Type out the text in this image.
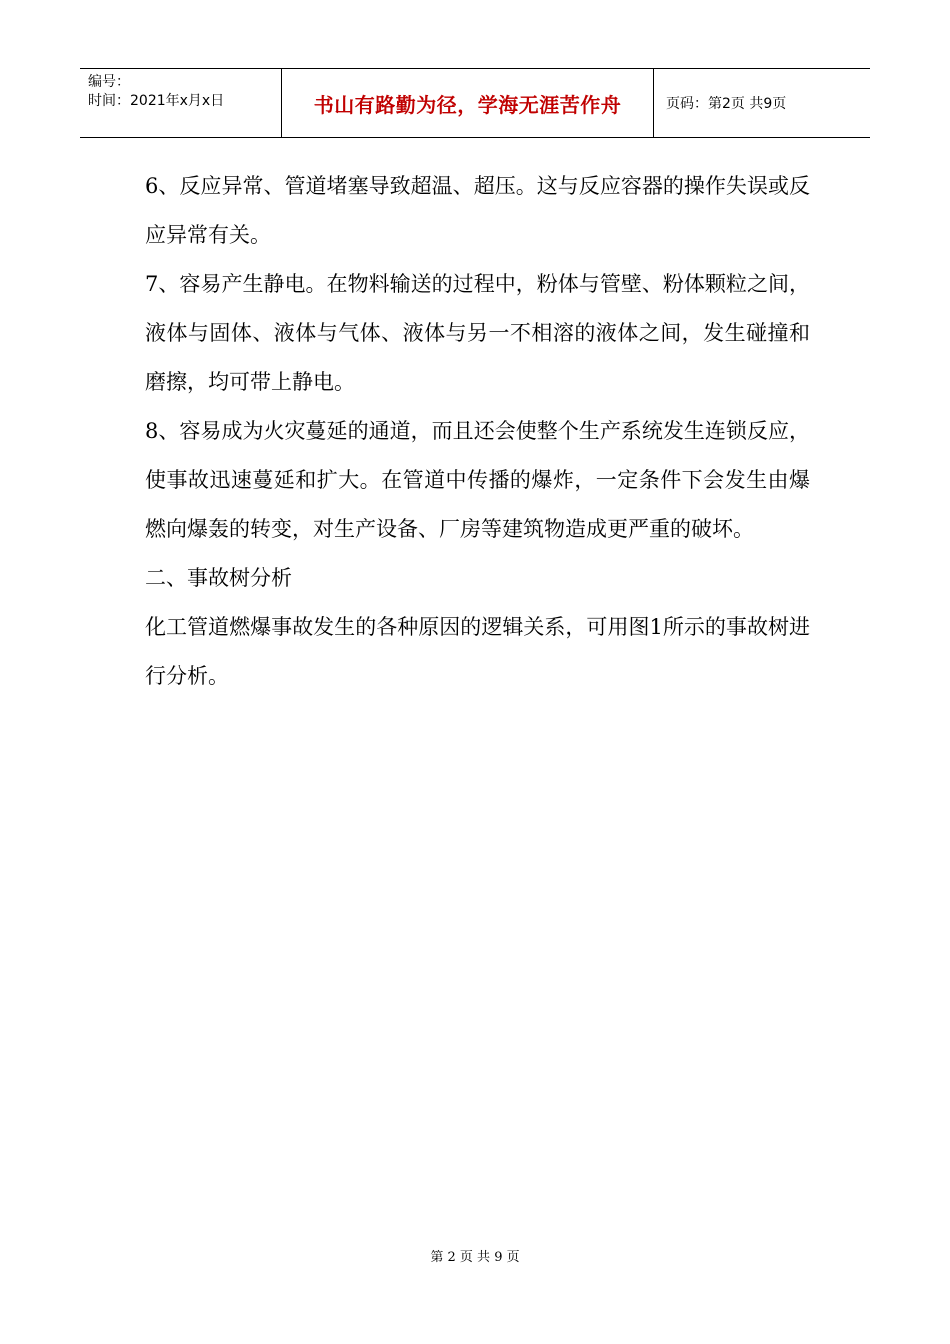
编号：
时间：2021年x月x日	书山有路勤为径，学海无涯苦作舟	页码：第2页 共9页

6、反应异常、管道堵塞导致超温、超压。这与反应容器的操作失误或反应异常有关。

7、容易产生静电。在物料输送的过程中，粉体与管壁、粉体颗粒之间，液体与固体、液体与气体、液体与另一不相溶的液体之间，发生碰撞和磨擦，均可带上静电。

8、容易成为火灾蔓延的通道，而且还会使整个生产系统发生连锁反应，使事故迅速蔓延和扩大。在管道中传播的爆炸，一定条件下会发生由爆燃向爆轰的转变，对生产设备、厂房等建筑物造成更严重的破坏。

二、事故树分析

化工管道燃爆事故发生的各种原因的逻辑关系，可用图1所示的事故树进行分析。

第 2 页 共 9 页
